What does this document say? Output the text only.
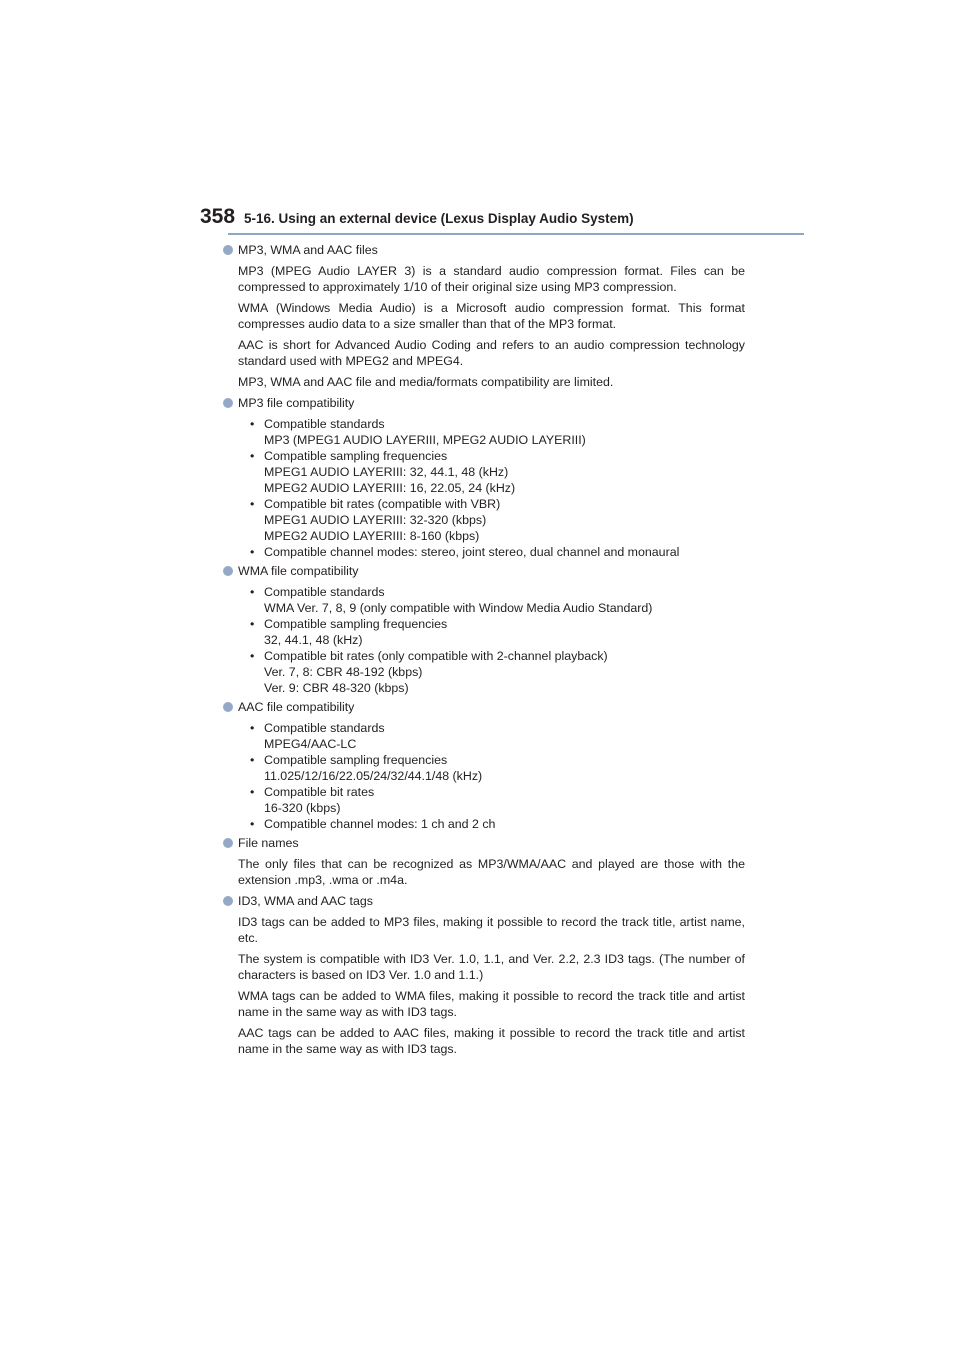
358 5-16. Using an external device (Lexus Display Audio System)
MP3, WMA and AAC files

MP3 (MPEG Audio LAYER 3) is a standard audio compression format. Files can be compressed to approximately 1/10 of their original size using MP3 compression.

WMA (Windows Media Audio) is a Microsoft audio compression format. This format compresses audio data to a size smaller than that of the MP3 format.

AAC is short for Advanced Audio Coding and refers to an audio compression technology standard used with MPEG2 and MPEG4.

MP3, WMA and AAC file and media/formats compatibility are limited.

MP3 file compatibility
• Compatible standards
MP3 (MPEG1 AUDIO LAYERIII, MPEG2 AUDIO LAYERIII)
• Compatible sampling frequencies
MPEG1 AUDIO LAYERIII: 32, 44.1, 48 (kHz)
MPEG2 AUDIO LAYERIII: 16, 22.05, 24 (kHz)
• Compatible bit rates (compatible with VBR)
MPEG1 AUDIO LAYERIII: 32-320 (kbps)
MPEG2 AUDIO LAYERIII: 8-160 (kbps)
• Compatible channel modes: stereo, joint stereo, dual channel and monaural
WMA file compatibility
• Compatible standards
WMA Ver. 7, 8, 9 (only compatible with Window Media Audio Standard)
• Compatible sampling frequencies
32, 44.1, 48 (kHz)
• Compatible bit rates (only compatible with 2-channel playback)
Ver. 7, 8: CBR 48-192 (kbps)
Ver. 9: CBR 48-320 (kbps)
AAC file compatibility
• Compatible standards
MPEG4/AAC-LC
• Compatible sampling frequencies
11.025/12/16/22.05/24/32/44.1/48 (kHz)
• Compatible bit rates
16-320 (kbps)
• Compatible channel modes: 1 ch and 2 ch
File names

The only files that can be recognized as MP3/WMA/AAC and played are those with the extension .mp3, .wma or .m4a.

ID3, WMA and AAC tags

ID3 tags can be added to MP3 files, making it possible to record the track title, artist name, etc.

The system is compatible with ID3 Ver. 1.0, 1.1, and Ver. 2.2, 2.3 ID3 tags. (The number of characters is based on ID3 Ver. 1.0 and 1.1.)

WMA tags can be added to WMA files, making it possible to record the track title and artist name in the same way as with ID3 tags.

AAC tags can be added to AAC files, making it possible to record the track title and artist name in the same way as with ID3 tags.
